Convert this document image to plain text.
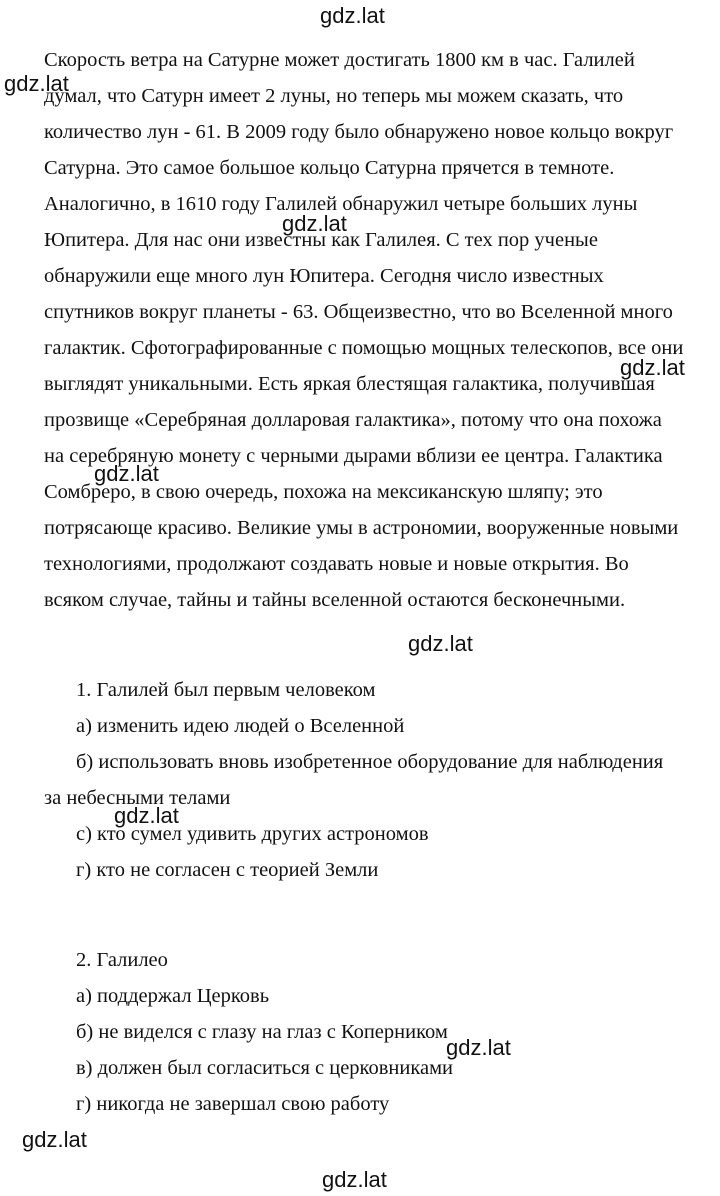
Скорость ветра на Сатурне может достигать 1800 км в час. Галилей
думал, что Сатурн имеет 2 луны, но теперь мы можем сказать, что
количество лун - 61. В 2009 году было обнаружено новое кольцо вокруг
Сатурна. Это самое большое кольцо Сатурна прячется в темноте.
Аналогично, в 1610 году Галилей обнаружил четыре больших луны
Юпитера. Для нас они известны как Галилея. С тех пор ученые
обнаружили еще много лун Юпитера. Сегодня число известных
спутников вокруг планеты - 63. Общеизвестно, что во Вселенной много
галактик. Сфотографированные с помощью мощных телескопов, все они
выглядят уникальными. Есть яркая блестящая галактика, получившая
прозвище «Серебряная долларовая галактика», потому что она похожа
на серебряную монету с черными дырами вблизи ее центра. Галактика
Сомбреро, в свою очередь, похожа на мексиканскую шляпу; это
потрясающе красиво. Великие умы в астрономии, вооруженные новыми
технологиями, продолжают создавать новые и новые открытия. Во
всяком случае, тайны и тайны вселенной остаются бесконечными.
1. Галилей был первым человеком
а) изменить идею людей о Вселенной
б) использовать вновь изобретенное оборудование для наблюдения
за небесными телами
с) кто сумел удивить других астрономов
г) кто не согласен с теорией Земли
2. Галилео
а) поддержал Церковь
б) не виделся с глазу на глаз с Коперником
в) должен был согласиться с церковниками
г) никогда не завершал свою работу
gdz.lat
gdz.lat
gdz.lat
gdz.lat
gdz.lat
gdz.lat
gdz.lat
gdz.lat
gdz.lat
gdz.lat
